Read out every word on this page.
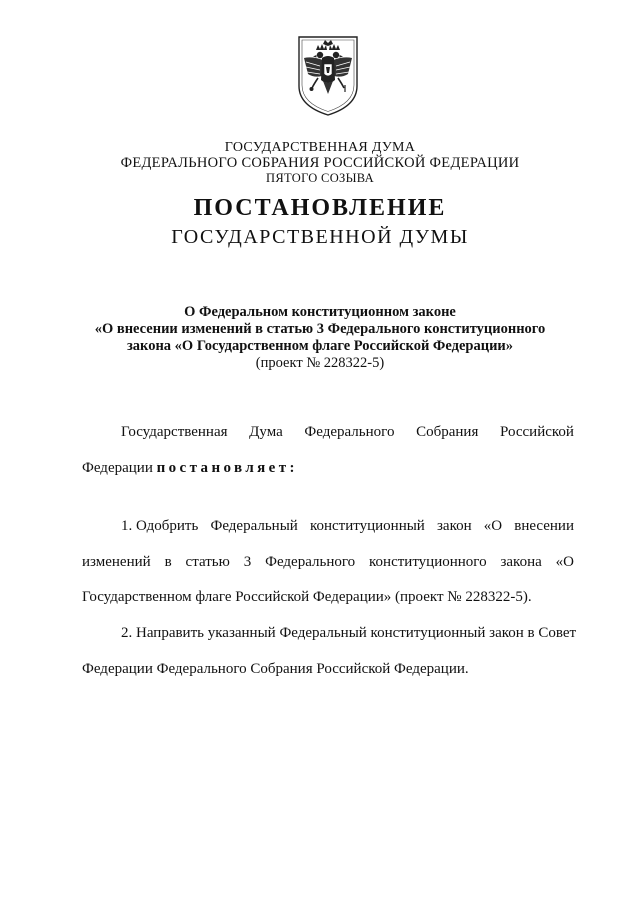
ГОСУДАРСТВЕННАЯ ДУМА
ФЕДЕРАЛЬНОГО СОБРАНИЯ РОССИЙСКОЙ ФЕДЕРАЦИИ
ПЯТОГО СОЗЫВА
ПОСТАНОВЛЕНИЕ
ГОСУДАРСТВЕННОЙ ДУМЫ
О Федеральном конституционном законе
«О внесении изменений в статью 3 Федерального конституционного
закона «О Государственном флаге Российской Федерации»
(проект № 228322-5)
Государственная Дума Федерального Собрания Российской
Федерации постановляет:
1. Одобрить Федеральный конституционный закон «О внесении
изменений в статью 3 Федерального конституционного закона «О
Государственном флаге Российской Федерации» (проект № 228322-5).
2. Направить указанный Федеральный конституционный закон в Совет
Федерации Федерального Собрания Российской Федерации.
